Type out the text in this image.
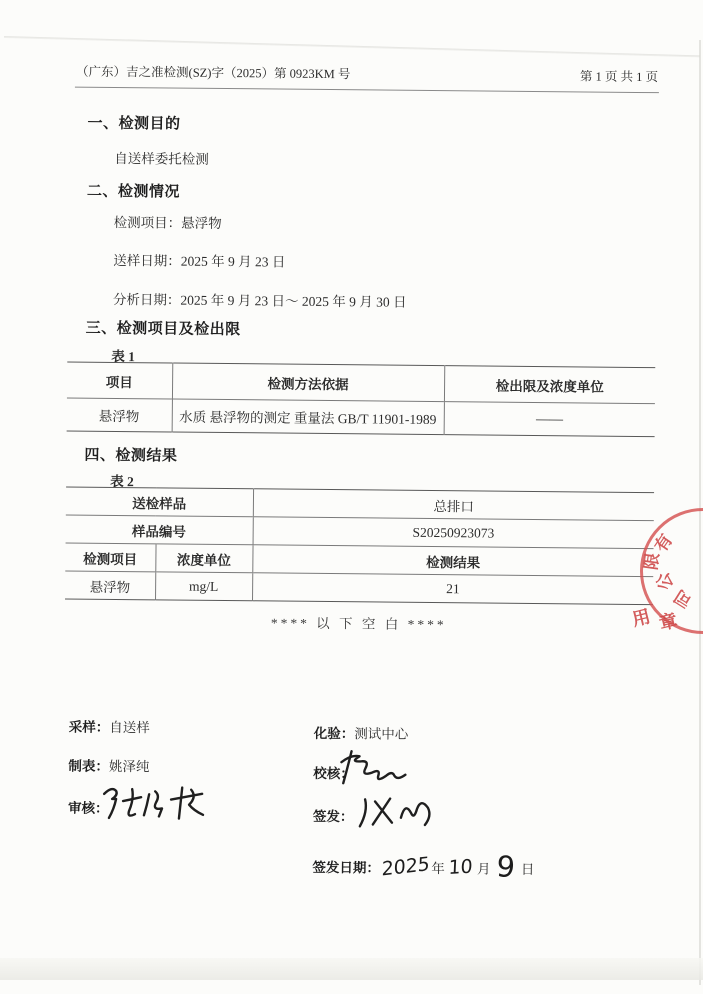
（广东）吉之准检测(SZ)字（2025）第 0923KM 号	第 1 页 共 1 页
一、检测目的
自送样委托检测
二、检测情况
检测项目：悬浮物
送样日期：2025 年 9 月 23 日
分析日期：2025 年 9 月 23 日～ 2025 年 9 月 30 日
三、检测项目及检出限
表 1
项目	检测方法依据	检出限及浓度单位
悬浮物	水质 悬浮物的测定 重量法 GB/T 11901-1989	——
四、检测结果
表 2
送检样品		总排口
样品编号		S20250923073
检测项目	浓度单位	检测结果
悬浮物	mg/L	21
**** 以 下 空 白 ****
采样：自送样
制表：姚泽纯
审核：
化验：测试中心
校核：
签发：
签发日期：2025 年 10 月 9 日
有
限
公
司
用 章
